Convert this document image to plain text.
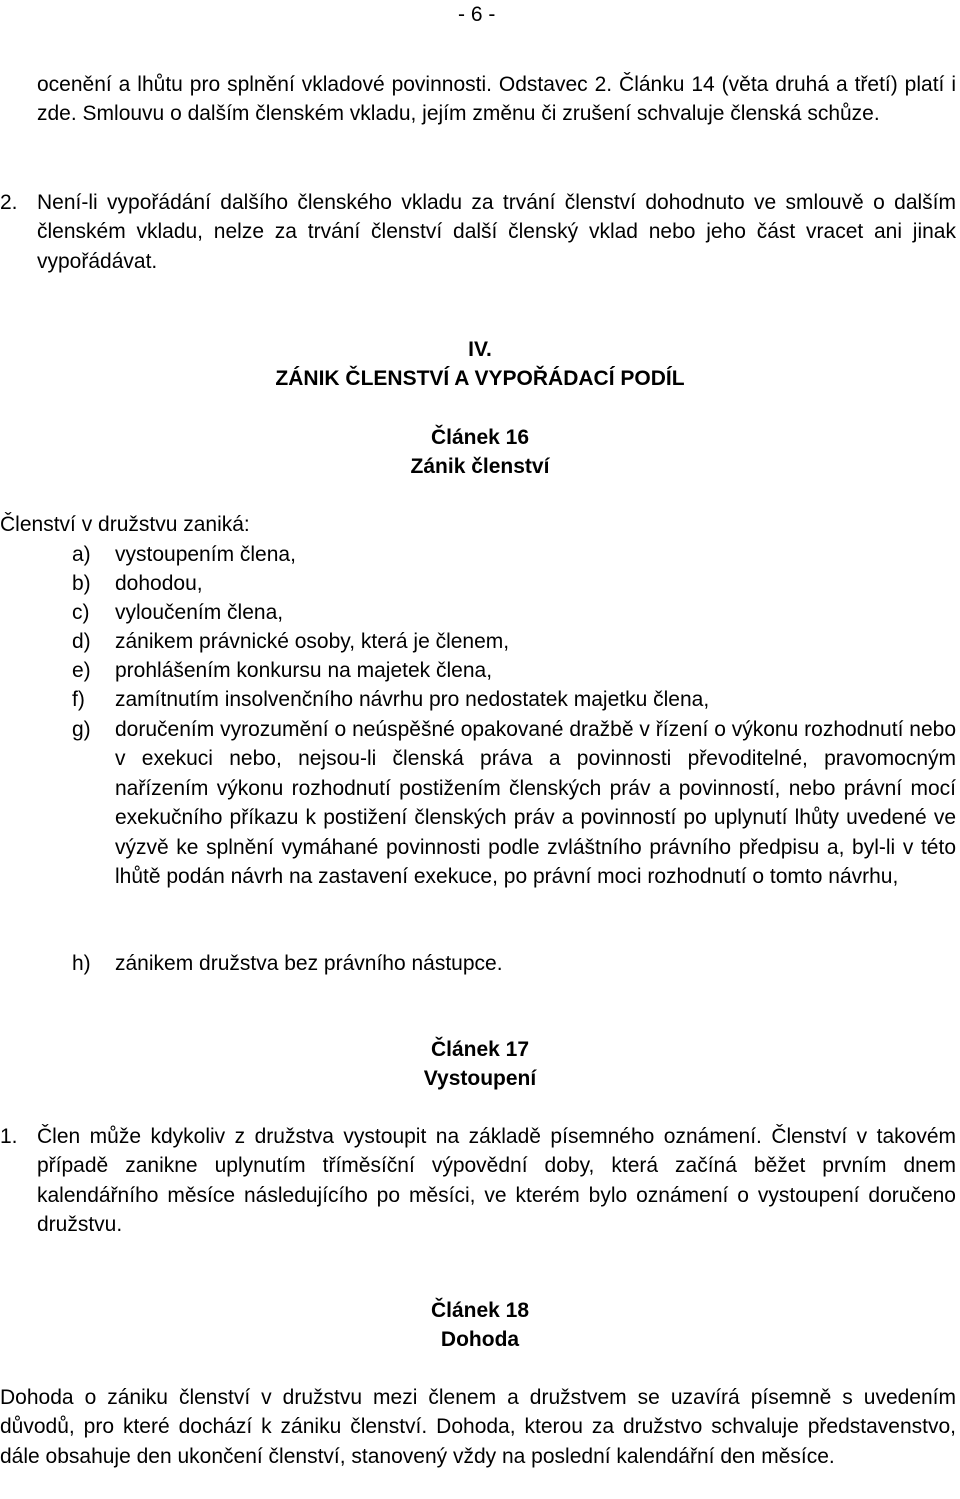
- 6 -
ocenění a lhůtu pro splnění vkladové povinnosti. Odstavec 2. Článku 14 (věta druhá a třetí) platí i zde. Smlouvu o dalším členském vkladu, jejím změnu či zrušení schvaluje členská schůze.
2. Není-li vypořádání dalšího členského vkladu za trvání členství dohodnuto ve smlouvě o dalším členském vkladu, nelze za trvání členství další členský vklad nebo jeho část vracet ani jinak vypořádávat.
IV.
ZÁNIK ČLENSTVÍ A VYPOŘÁDACÍ PODÍL
Článek 16
Zánik členství
Členství v družstvu zaniká:
a)	vystoupením člena,
b)	dohodou,
c)	vyloučením člena,
d)	zánikem právnické osoby, která je členem,
e)	prohlášením konkursu na majetek člena,
f)	zamítnutím insolvenčního návrhu pro nedostatek majetku člena,
g)	doručením vyrozumění o neúspěšné opakované dražbě v řízení o výkonu rozhodnutí nebo v exekuci nebo, nejsou-li členská práva a povinnosti převoditelné, pravomocným nařízením výkonu rozhodnutí postižením členských práv a povinností, nebo právní mocí exekučního příkazu k postižení členských práv a povinností po uplynutí lhůty uvedené ve výzvě ke splnění vymáhané povinnosti podle zvláštního právního předpisu a, byl-li v této lhůtě podán návrh na zastavení exekuce, po právní moci rozhodnutí o tomto návrhu,
h)	zánikem družstva bez právního nástupce.
Článek 17
Vystoupení
1. Člen může kdykoliv z družstva vystoupit na základě písemného oznámení. Členství v takovém případě zanikne uplynutím tříměsíční výpovědní doby, která začíná běžet prvním dnem kalendářního měsíce následujícího po měsíci, ve kterém bylo oznámení o vystoupení doručeno družstvu.
Článek 18
Dohoda
Dohoda o zániku členství v družstvu mezi členem a družstvem se uzavírá písemně s uvedením důvodů, pro které dochází k zániku členství. Dohoda, kterou za družstvo schvaluje představenstvo, dále obsahuje den ukončení členství, stanovený vždy na poslední kalendářní den měsíce.
